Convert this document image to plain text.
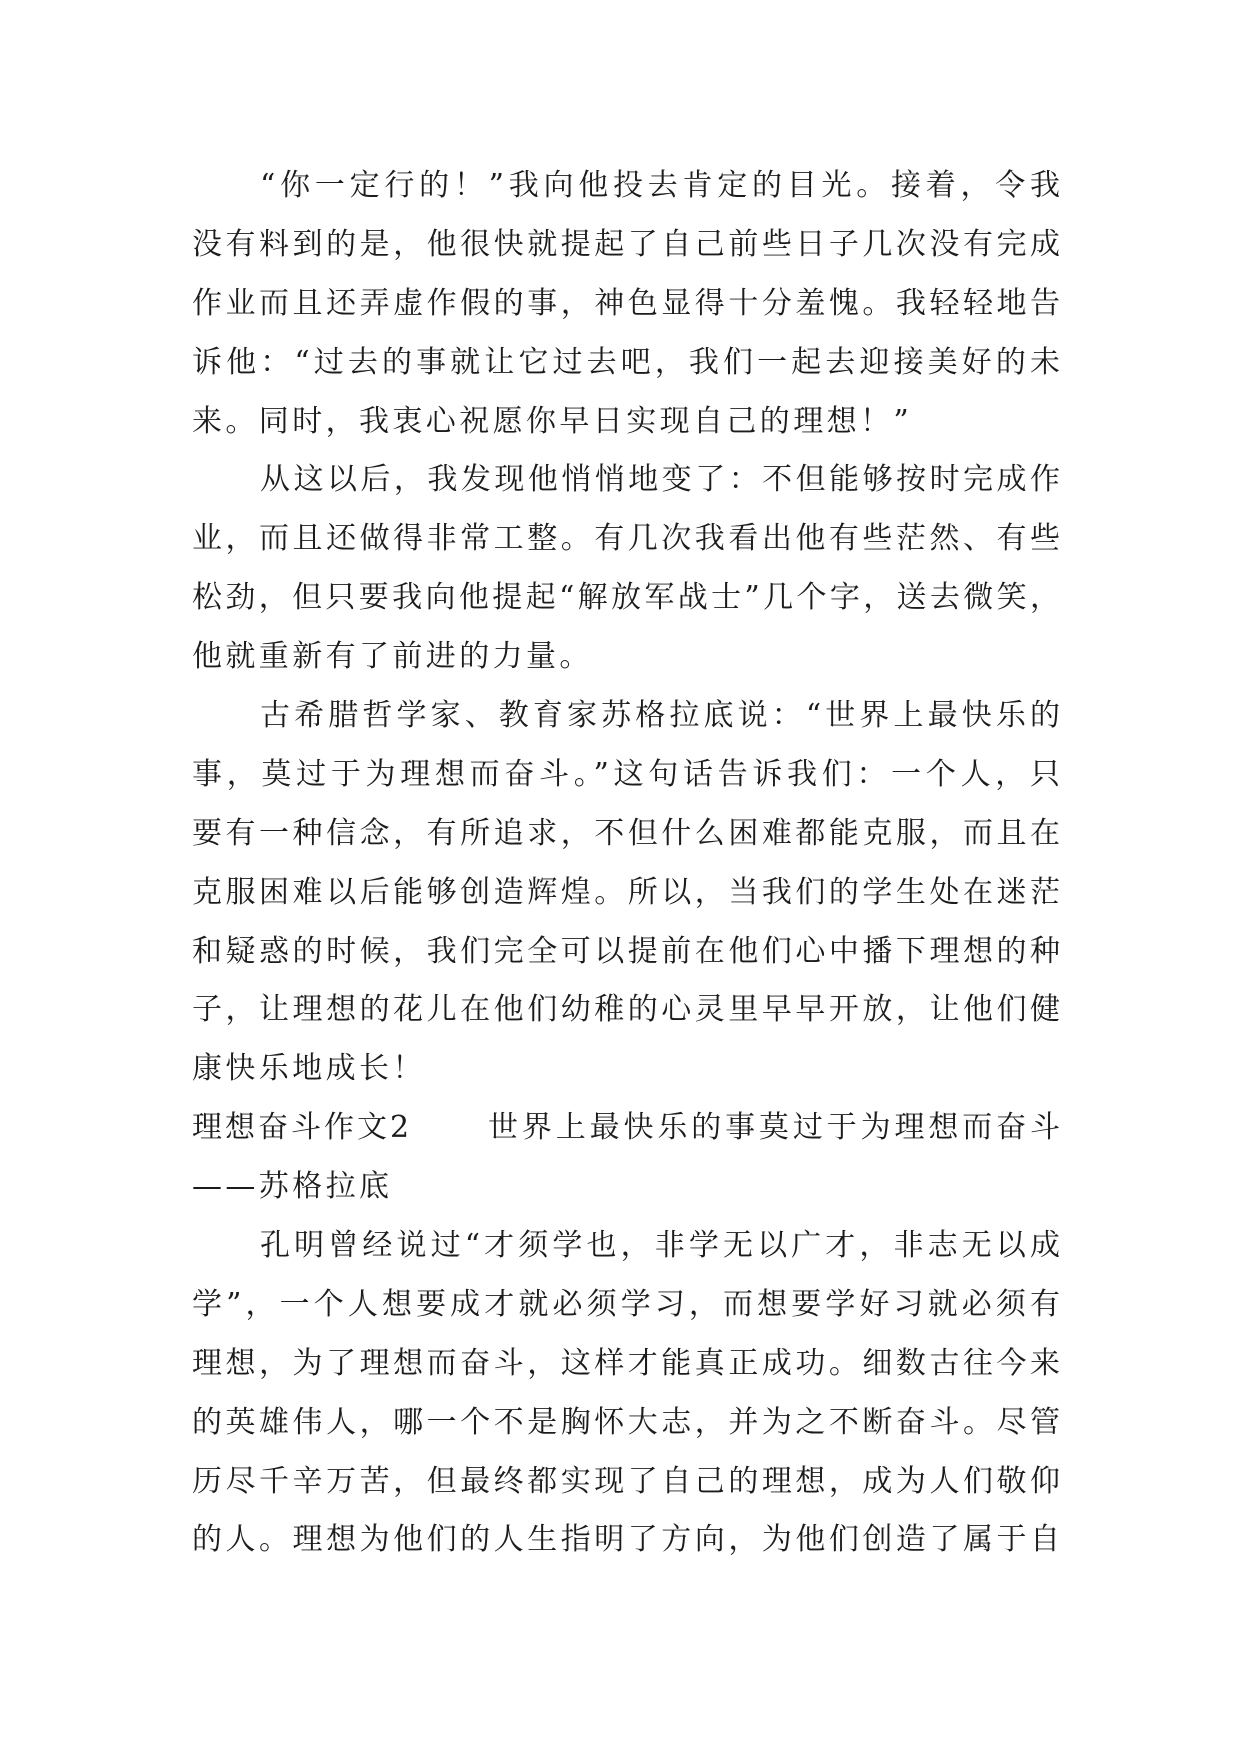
“你一定行的！”我向他投去肯定的目光。接着，令我
没有料到的是，他很快就提起了自己前些日子几次没有完成
作业而且还弄虚作假的事，神色显得十分羞愧。我轻轻地告
诉他：“过去的事就让它过去吧，我们一起去迎接美好的未
来。同时，我衷心祝愿你早日实现自己的理想！”
从这以后，我发现他悄悄地变了：不但能够按时完成作
业，而且还做得非常工整。有几次我看出他有些茫然、有些
松劲，但只要我向他提起“解放军战士”几个字，送去微笑，
他就重新有了前进的力量。
古希腊哲学家、教育家苏格拉底说：“世界上最快乐的
事，莫过于为理想而奋斗。”这句话告诉我们：一个人，只
要有一种信念，有所追求，不但什么困难都能克服，而且在
克服困难以后能够创造辉煌。所以，当我们的学生处在迷茫
和疑惑的时候，我们完全可以提前在他们心中播下理想的种
子，让理想的花儿在他们幼稚的心灵里早早开放，让他们健
康快乐地成长！
理想奋斗作文2	世界上最快乐的事莫过于为理想而奋斗
——苏格拉底
孔明曾经说过“才须学也，非学无以广才，非志无以成
学”，一个人想要成才就必须学习，而想要学好习就必须有
理想，为了理想而奋斗，这样才能真正成功。细数古往今来
的英雄伟人，哪一个不是胸怀大志，并为之不断奋斗。尽管
历尽千辛万苦，但最终都实现了自己的理想，成为人们敬仰
的人。理想为他们的人生指明了方向，为他们创造了属于自
